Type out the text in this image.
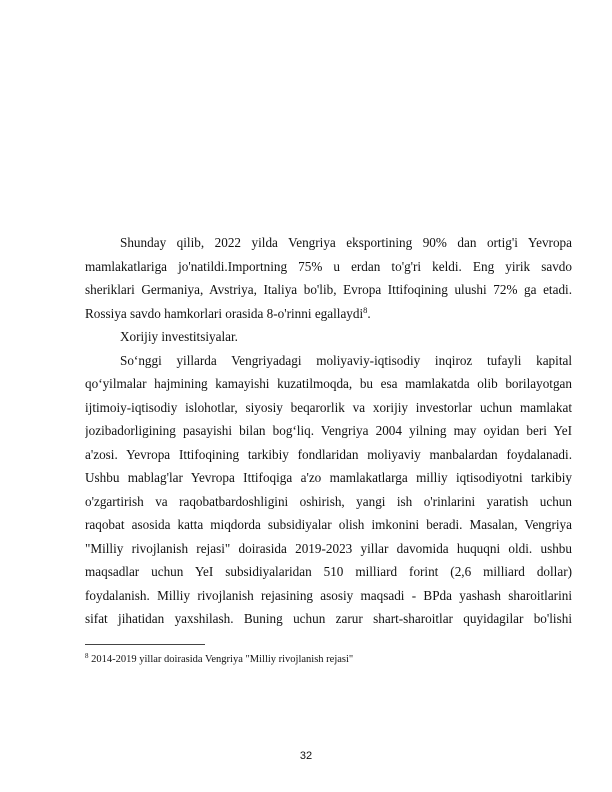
Shunday qilib, 2022 yilda Vengriya eksportining 90% dan ortig'i Yevropa
mamlakatlariga jo'natildi.Importning 75% u erdan to'g'ri keldi. Eng yirik savdo
sheriklari Germaniya, Avstriya, Italiya bo'lib, Evropa Ittifoqining ulushi 72% ga etadi.
Rossiya savdo hamkorlari orasida 8-o'rinni egallaydi$^8$.
Xorijiy investitsiyalar.
So‘nggi yillarda Vengriyadagi moliyaviy-iqtisodiy inqiroz tufayli kapital
qo‘yilmalar hajmining kamayishi kuzatilmoqda, bu esa mamlakatda olib borilayotgan
ijtimoiy-iqtisodiy islohotlar, siyosiy beqarorlik va xorijiy investorlar uchun mamlakat
jozibadorligining pasayishi bilan bog‘liq. Vengriya 2004 yilning may oyidan beri YeI
a'zosi. Yevropa Ittifoqining tarkibiy fondlaridan moliyaviy manbalardan foydalanadi.
Ushbu mablag'lar Yevropa Ittifoqiga a'zo mamlakatlarga milliy iqtisodiyotni tarkibiy
o'zgartirish va raqobatbardoshligini oshirish, yangi ish o'rinlarini yaratish uchun
raqobat asosida katta miqdorda subsidiyalar olish imkonini beradi. Masalan, Vengriya
"Milliy rivojlanish rejasi" doirasida 2019-2023 yillar davomida huquqni oldi. ushbu
maqsadlar uchun YeI subsidiyalaridan 510 milliard forint (2,6 milliard dollar)
foydalanish. Milliy rivojlanish rejasining asosiy maqsadi - BPda yashash sharoitlarini
sifat jihatidan yaxshilash. Buning uchun zarur shart-sharoitlar quyidagilar bo'lishi
$^8$ 2014-2019 yillar doirasida Vengriya "Milliy rivojlanish rejasi"
32
